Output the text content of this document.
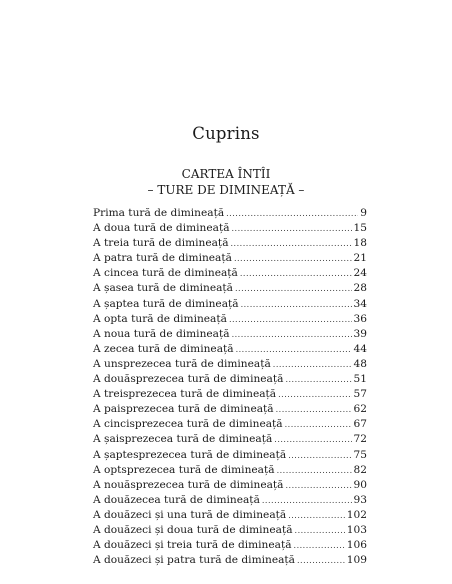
Cuprins
CARTEA ÎNTÎI
– TURE DE DIMINEAȚĂ –
Prima tură de dimineață .....	9
A doua tură de dimineață .....	15
A treia tură de dimineață .....	18
A patra tură de dimineață .....	21
A cincea tură de dimineață .....	24
A șasea tură de dimineață .....	28
A șaptea tură de dimineață .....	34
A opta tură de dimineață .....	36
A noua tură de dimineață .....	39
A zecea tură de dimineață .....	44
A unsprezecea tură de dimineață .....	48
A douăsprezecea tură de dimineață .....	51
A treisprezecea tură de dimineață .....	57
A paisprezecea tură de dimineață .....	62
A cincisprezecea tură de dimineață .....	67
A șaisprezecea tură de dimineață .....	72
A șaptesprezecea tură de dimineață .....	75
A optsprezecea tură de dimineață .....	82
A nouăsprezecea tură de dimineață .....	90
A douăzecea tură de dimineață .....	93
A douăzeci și una tură de dimineață .....	102
A douăzeci și doua tură de dimineață .....	103
A douăzeci și treia tură de dimineață .....	106
A douăzeci și patra tură de dimineață .....	109
